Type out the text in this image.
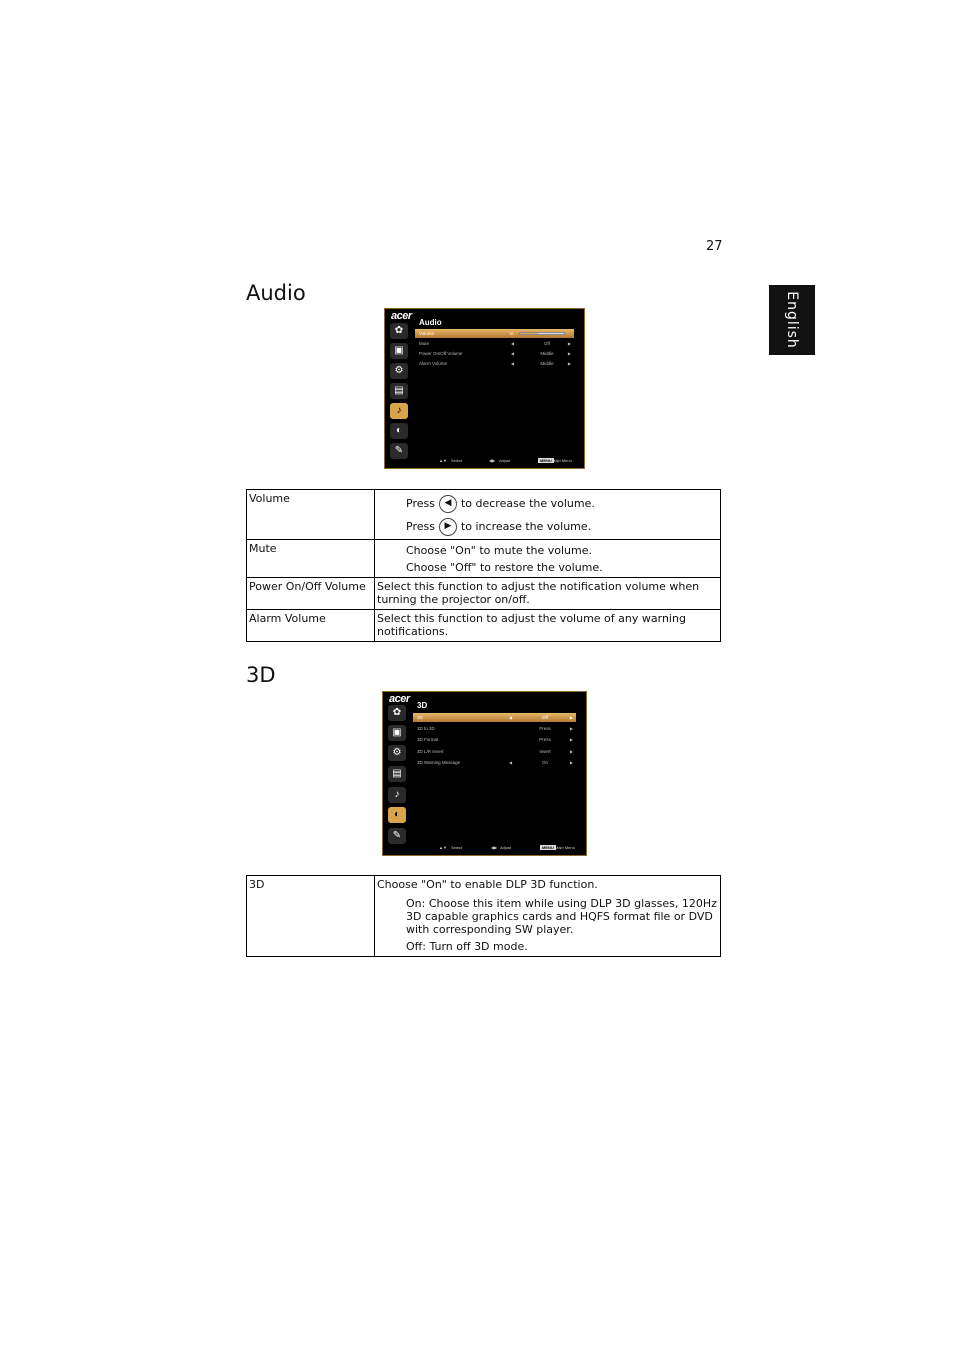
27
English
Audio
acer
Audio
✿
▣
⚙
▤
♪
◐
✎
Volume	10
Mute	◀	Off	▶
Power On/Off Volume	◀	Middle	▶
Alarm Volume	◀	Middle	▶
▲▼ Select	◀▶ Adjust	MENU Main Menu
Volume	Press ◀ to decrease the volume.
Press ▶ to increase the volume.

Mute	Choose "On" to mute the volume.
Choose "Off" to restore the volume.

Power On/Off Volume	Select this function to adjust the notification volume when turning the projector on/off.
Alarm Volume	Select this function to adjust the volume of any warning notifications.
3D
acer
3D
✿
▣
⚙
▤
♪
◐
✎
3D	◀	Off	▶
3D to 3D	Press	▶
3D Format	Press	▶
3D L/R Invert	Invert	▶
3D Warning Message	◀	On	▶
▲▼ Select	◀▶ Adjust	MENU Main Menu
3D	Choose "On" to enable DLP 3D function.
On: Choose this item while using DLP 3D glasses, 120Hz 3D capable graphics cards and HQFS format file or DVD with corresponding SW player.
Off: Turn off 3D mode.
